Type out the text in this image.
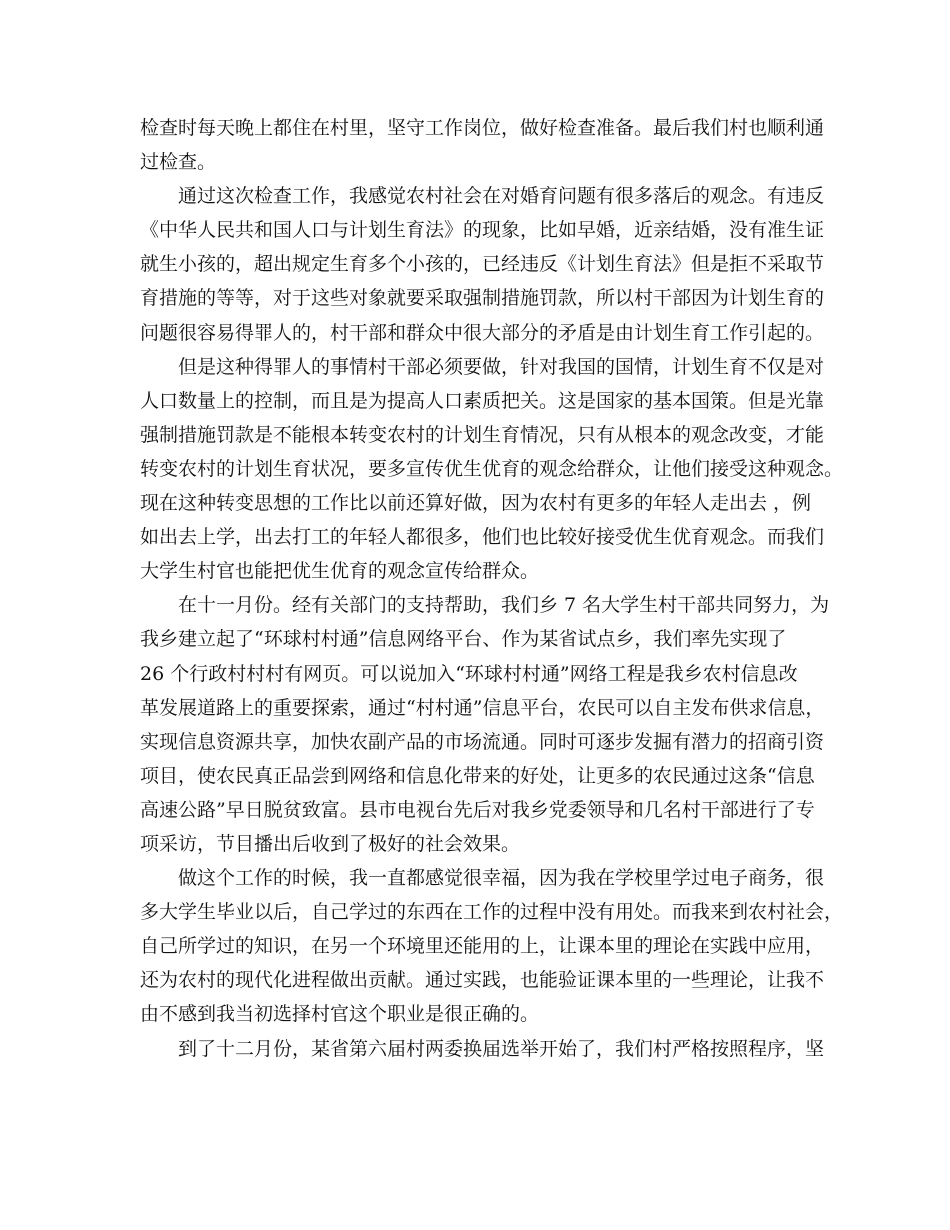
检查时每天晚上都住在村里，坚守工作岗位，做好检查准备。最后我们村也顺利通
过检查。

通过这次检查工作，我感觉农村社会在对婚育问题有很多落后的观念。有违反
《中华人民共和国人口与计划生育法》的现象，比如早婚，近亲结婚，没有准生证
就生小孩的，超出规定生育多个小孩的，已经违反《计划生育法》但是拒不采取节
育措施的等等，对于这些对象就要采取强制措施罚款，所以村干部因为计划生育的
问题很容易得罪人的，村干部和群众中很大部分的矛盾是由计划生育工作引起的。

但是这种得罪人的事情村干部必须要做，针对我国的国情，计划生育不仅是对
人口数量上的控制，而且是为提高人口素质把关。这是国家的基本国策。但是光靠
强制措施罚款是不能根本转变农村的计划生育情况，只有从根本的观念改变，才能
转变农村的计划生育状况，要多宣传优生优育的观念给群众，让他们接受这种观念。
现在这种转变思想的工作比以前还算好做，因为农村有更多的年轻人走出去 ，例
如出去上学，出去打工的年轻人都很多，他们也比较好接受优生优育观念。而我们
大学生村官也能把优生优育的观念宣传给群众。

在十一月份。经有关部门的支持帮助，我们乡 7 名大学生村干部共同努力，为
我乡建立起了“环球村村通”信息网络平台、作为某省试点乡，我们率先实现了
26 个行政村村村有网页。可以说加入“环球村村通”网络工程是我乡农村信息改
革发展道路上的重要探索，通过“村村通”信息平台，农民可以自主发布供求信息，
实现信息资源共享，加快农副产品的市场流通。同时可逐步发掘有潜力的招商引资
项目，使农民真正品尝到网络和信息化带来的好处，让更多的农民通过这条“信息
高速公路”早日脱贫致富。县市电视台先后对我乡党委领导和几名村干部进行了专
项采访，节目播出后收到了极好的社会效果。

做这个工作的时候，我一直都感觉很幸福，因为我在学校里学过电子商务，很
多大学生毕业以后，自己学过的东西在工作的过程中没有用处。而我来到农村社会，
自己所学过的知识，在另一个环境里还能用的上，让课本里的理论在实践中应用，
还为农村的现代化进程做出贡献。通过实践，也能验证课本里的一些理论，让我不
由不感到我当初选择村官这个职业是很正确的。

到了十二月份，某省第六届村两委换届选举开始了，我们村严格按照程序，坚
